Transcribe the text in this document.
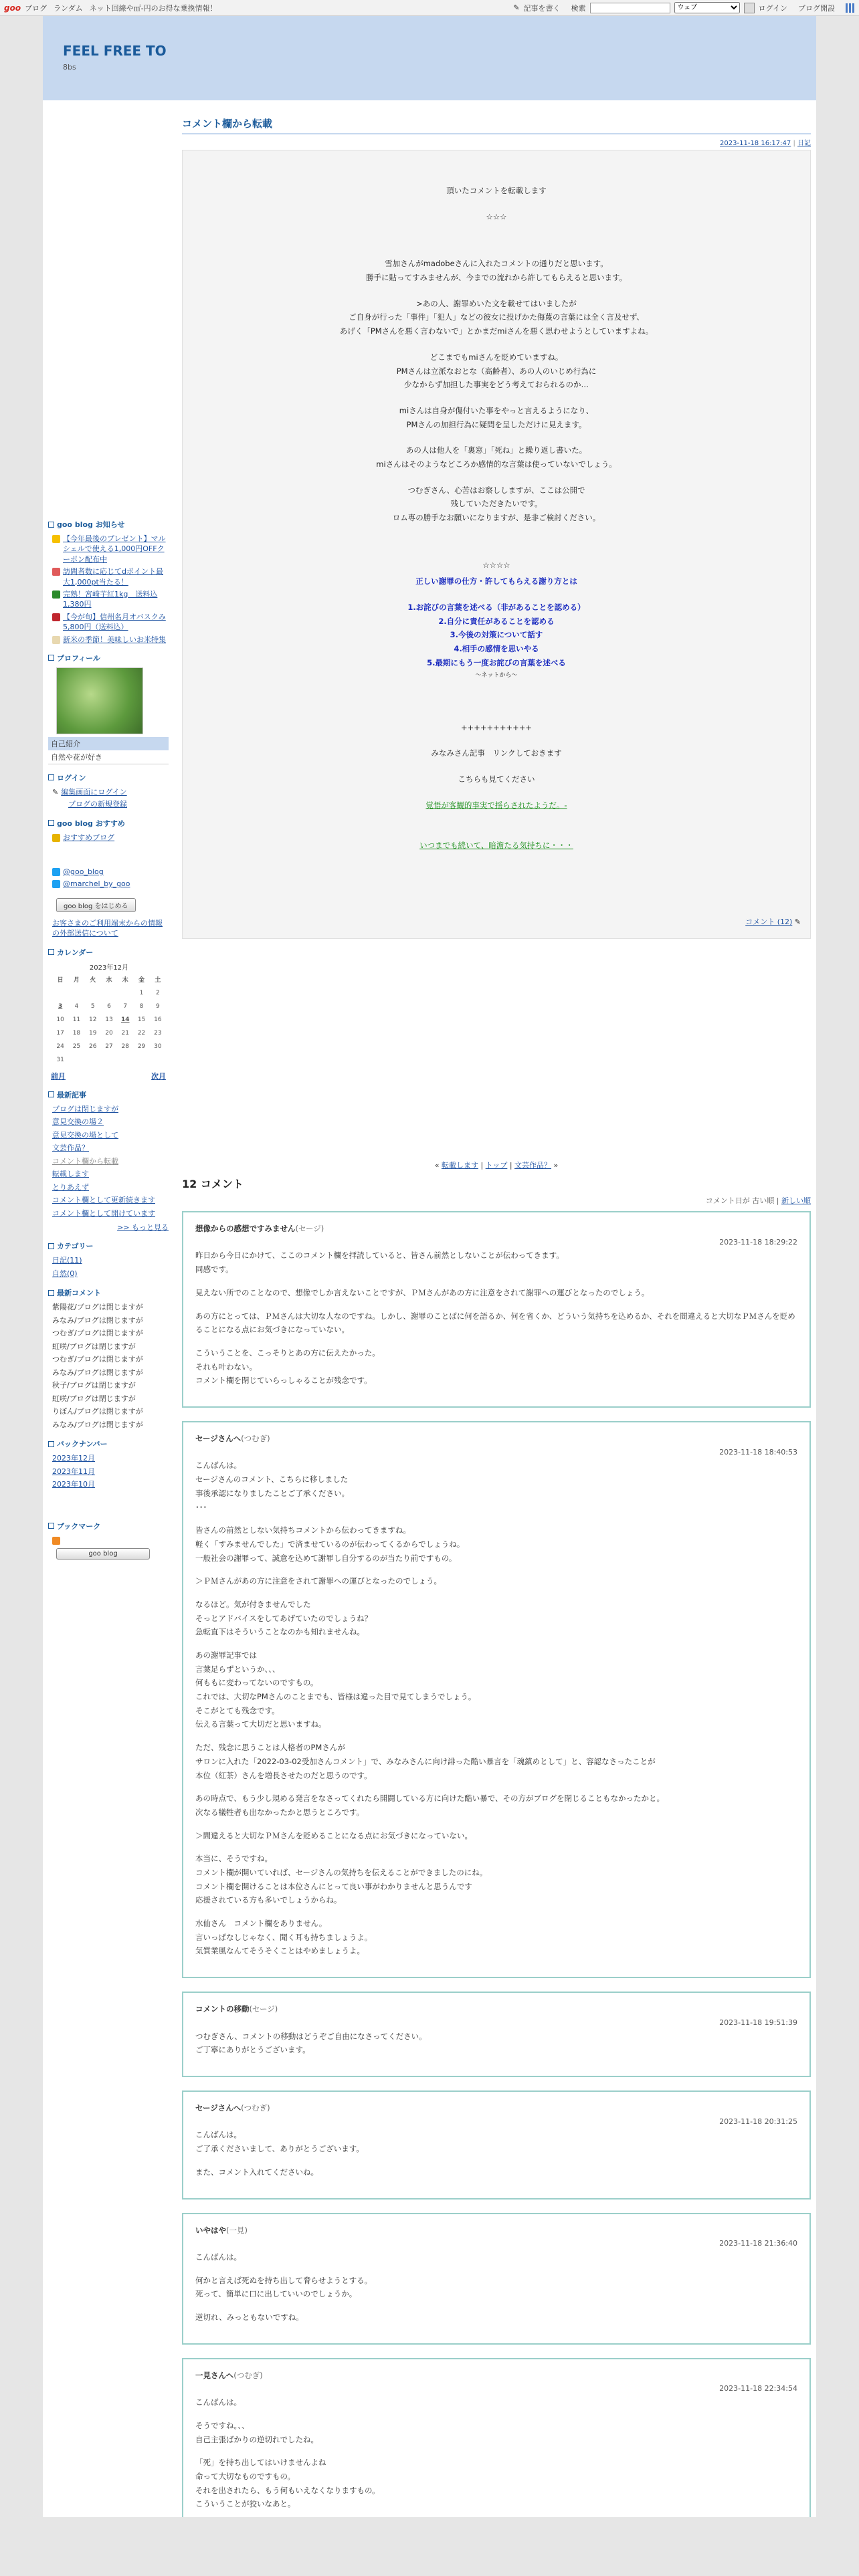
goo ブログ ランダム ネット回線や㎡-円のお得な乗換情報！	✎ 記事を書く 検索
ウェブ	ログイン ブログ開設
FEEL FREE TO
8bs
コメント欄から転載
2023-11-18 16:17:47 | 日記

頂いたコメントを転載します

☆☆☆

雪加さんがmadobeさんに入れたコメントの通りだと思います。
勝手に貼ってすみませんが、今までの流れから許してもらえると思います。

>あの人、謝罪めいた文を載せてはいましたが
ご自身が行った「事件」「犯人」などの彼女に投げかた侮蔑の言葉には全く言及せず、
あげく「PMさんを悪く言わないで」とかまだmiさんを悪く思わせようとしていますよね。

どこまでもmiさんを貶めていますね。
PMさんは立派なおとな（高齢者）、あの人のいじめ行為に
少なからず加担した事実をどう考えておられるのか…

miさんは自身が傷付いた事をやっと言えるようになり、
PMさんの加担行為に疑問を呈しただけに見えます。

あの人は他人を「裏窓」「死ね」と繰り返し書いた。
miさんはそのようなどころか感情的な言葉は使っていないでしょう。

つむぎさん、心苦はお察ししますが、ここは公開で
残していただきたいです。
ロム専の勝手なお願いになりますが、是非ご検討ください。

☆☆☆☆

正しい謝罪の仕方・許してもらえる謝り方とは

1.お詫びの言葉を述べる（非があることを認める）
2.自分に責任があることを認める
3.今後の対策について話す
4.相手の感情を思いやる
5.最期にもう一度お詫びの言葉を述べる

〜ネットから〜

+++++++++++

みなみさん記事　リンクしておきます

こちらも見てください

覚悟が客観的事実で揺らされたようだ。-

いつまでも続いて、暗澹たる気持ちに・・・

コメント (12) ✎
« 転載します | トップ | 文芸作品？ »
12 コメント
コメント日が 古い順 | 新しい順
想像からの感想ですみません(セージ)
2023-11-18 18:29:22

昨日から今日にかけて、ここのコメント欄を拝読していると、皆さん前然としないことが伝わってきます。
同感です。

見えない所でのことなので、想像でしか言えないことですが、ＰＭさんがあの方に注意をされて謝罪への運びとなったのでしょう。

あの方にとっては、ＰＭさんは大切な人なのですね。しかし、謝罪のことばに何を語るか、何を省くか、どういう気持ちを込めるか、それを間違えると大切なＰＭさんを貶めることになる点にお気づきになっていない。

こういうことを、こっそりとあの方に伝えたかった。
それも叶わない。
コメント欄を閉じていらっしゃることが残念です。

セージさんへ(つむぎ)
2023-11-18 18:40:53

こんばんは。
セージさんのコメント、こちらに移しました
事後承認になりましたことご了承ください。
･･･

皆さんの前然としない気持ちコメントから伝わってきますね。
軽く「すみませんでした」で済ませているのが伝わってくるからでしょうね。
一般社会の謝罪って、誠意を込めて謝罪し自分するのが当たり前ですもの。

＞ＰＭさんがあの方に注意をされて謝罪への運びとなったのでしょう。

なるほど。気が付きませんでした
そっとアドバイスをしてあげていたのでしょうね？
急転直下はそういうことなのかも知れませんね。

あの謝罪記事では
言葉足らずというか、、、
何ももに変わってないのですもの。
これでは、大切なPMさんのことまでも、皆様は違った目で見てしまうでしょう。
そこがとても残念です。
伝える言葉って大切だと思いますね。

ただ、残念に思うことは人格者のPMさんが
サロンに入れた「2022-03-02受加さんコメント」で、みなみさんに向け誹った酷い暴言を「魂鎮めとして」と、容認なさったことが
本位（紅茶）さんを増長させたのだと思うのです。

あの時点で、もう少し規める発言をなさってくれたら開闘している方に向けた酷い暴で、その方がブログを閉じることもなかったかと。
次なる犠牲者も出なかったかと思うところです。

＞間違えると大切なＰＭさんを貶めることになる点にお気づきになっていない。

本当に、そうですね。
コメント欄が開いていれば、セージさんの気持ちを伝えることができましたのにね。
コメント欄を開けることは本位さんにとって良い事がわかりませんと思うんです
応援されている方も多いでしょうからね。

水仙さん　コメント欄をありません。
言いっぱなしじゃなく、聞く耳も持ちましょうよ。
気質業風なんてそうそくことはやめましょうよ。

コメントの移動(セージ)
2023-11-18 19:51:39

つむぎさん、コメントの移動はどうぞご自由になさってください。
ご丁寧にありがとうございます。

セージさんへ(つむぎ)
2023-11-18 20:31:25

こんばんは。
ご了承くださいまして、ありがとうございます。

また、コメント入れてくださいね。

いやはや(一見)
2023-11-18 21:36:40

こんばんは。

何かと言えば死ぬを持ち出して脅らせようとする。
死って、簡単に口に出していいのでしょうか。

逆切れ、みっともないですね。

一見さんへ(つむぎ)
2023-11-18 22:34:54

こんばんは。

そうですね。、、
自己主張ばかりの逆切れでしたね。

「死」を持ち出してはいけませんよね
命って大切なものですもの。
それを出されたら、もう何もいえなくなりますもの。
こういうことが狡いなあと。

goo blog お知らせ
【今年最後のプレゼント】マルシェルで使える1,000円OFFクーポン配布中
訪問者数に応じてdポイント最大1,000pt当たる！
完熟！宮崎芋紅1kg　送料込1,380円
【今が旬】信州名月オバスクみ5,800円（送料込）
新米の季節！美味しいお米特集
プロフィール
自己紹介
自然や花が好き
ログイン
✎ 編集画面にログイン
ブログの新規登録
goo blog おすすめ
おすすめブログ
@goo_blog
@marchel_by_goo
goo blog をはじめる
お客さまのご利用端末からの情報の外部送信について
カレンダー
2023年12月
日	月	火	水	木	金	土
					1	2
3	4	5	6	7	8	9
10	11	12	13	14	15	16
17	18	19	20	21	22	23
24	25	26	27	28	29	30
31						
前月	次月
最新記事
ブログは閉じますが
意見交換の場２
意見交換の場として
文芸作品？
コメント欄から転載
転載します
とりあえず
コメント欄として更新続きます
コメント欄として開けています
>> もっと見る
カテゴリー
日記(11)
自然(0)
最新コメント
紫陽花/ブログは閉じますが
みなみ/ブログは閉じますが
つむぎ/ブログは閉じますが
虹咲/ブログは閉じますが
つむぎ/ブログは閉じますが
みなみ/ブログは閉じますが
秋子/ブログは閉じますが
虹咲/ブログは閉じますが
りぼん/ブログは閉じますが
みなみ/ブログは閉じますが
バックナンバー
2023年12月
2023年11月
2023年10月
ブックマーク
goo blog
